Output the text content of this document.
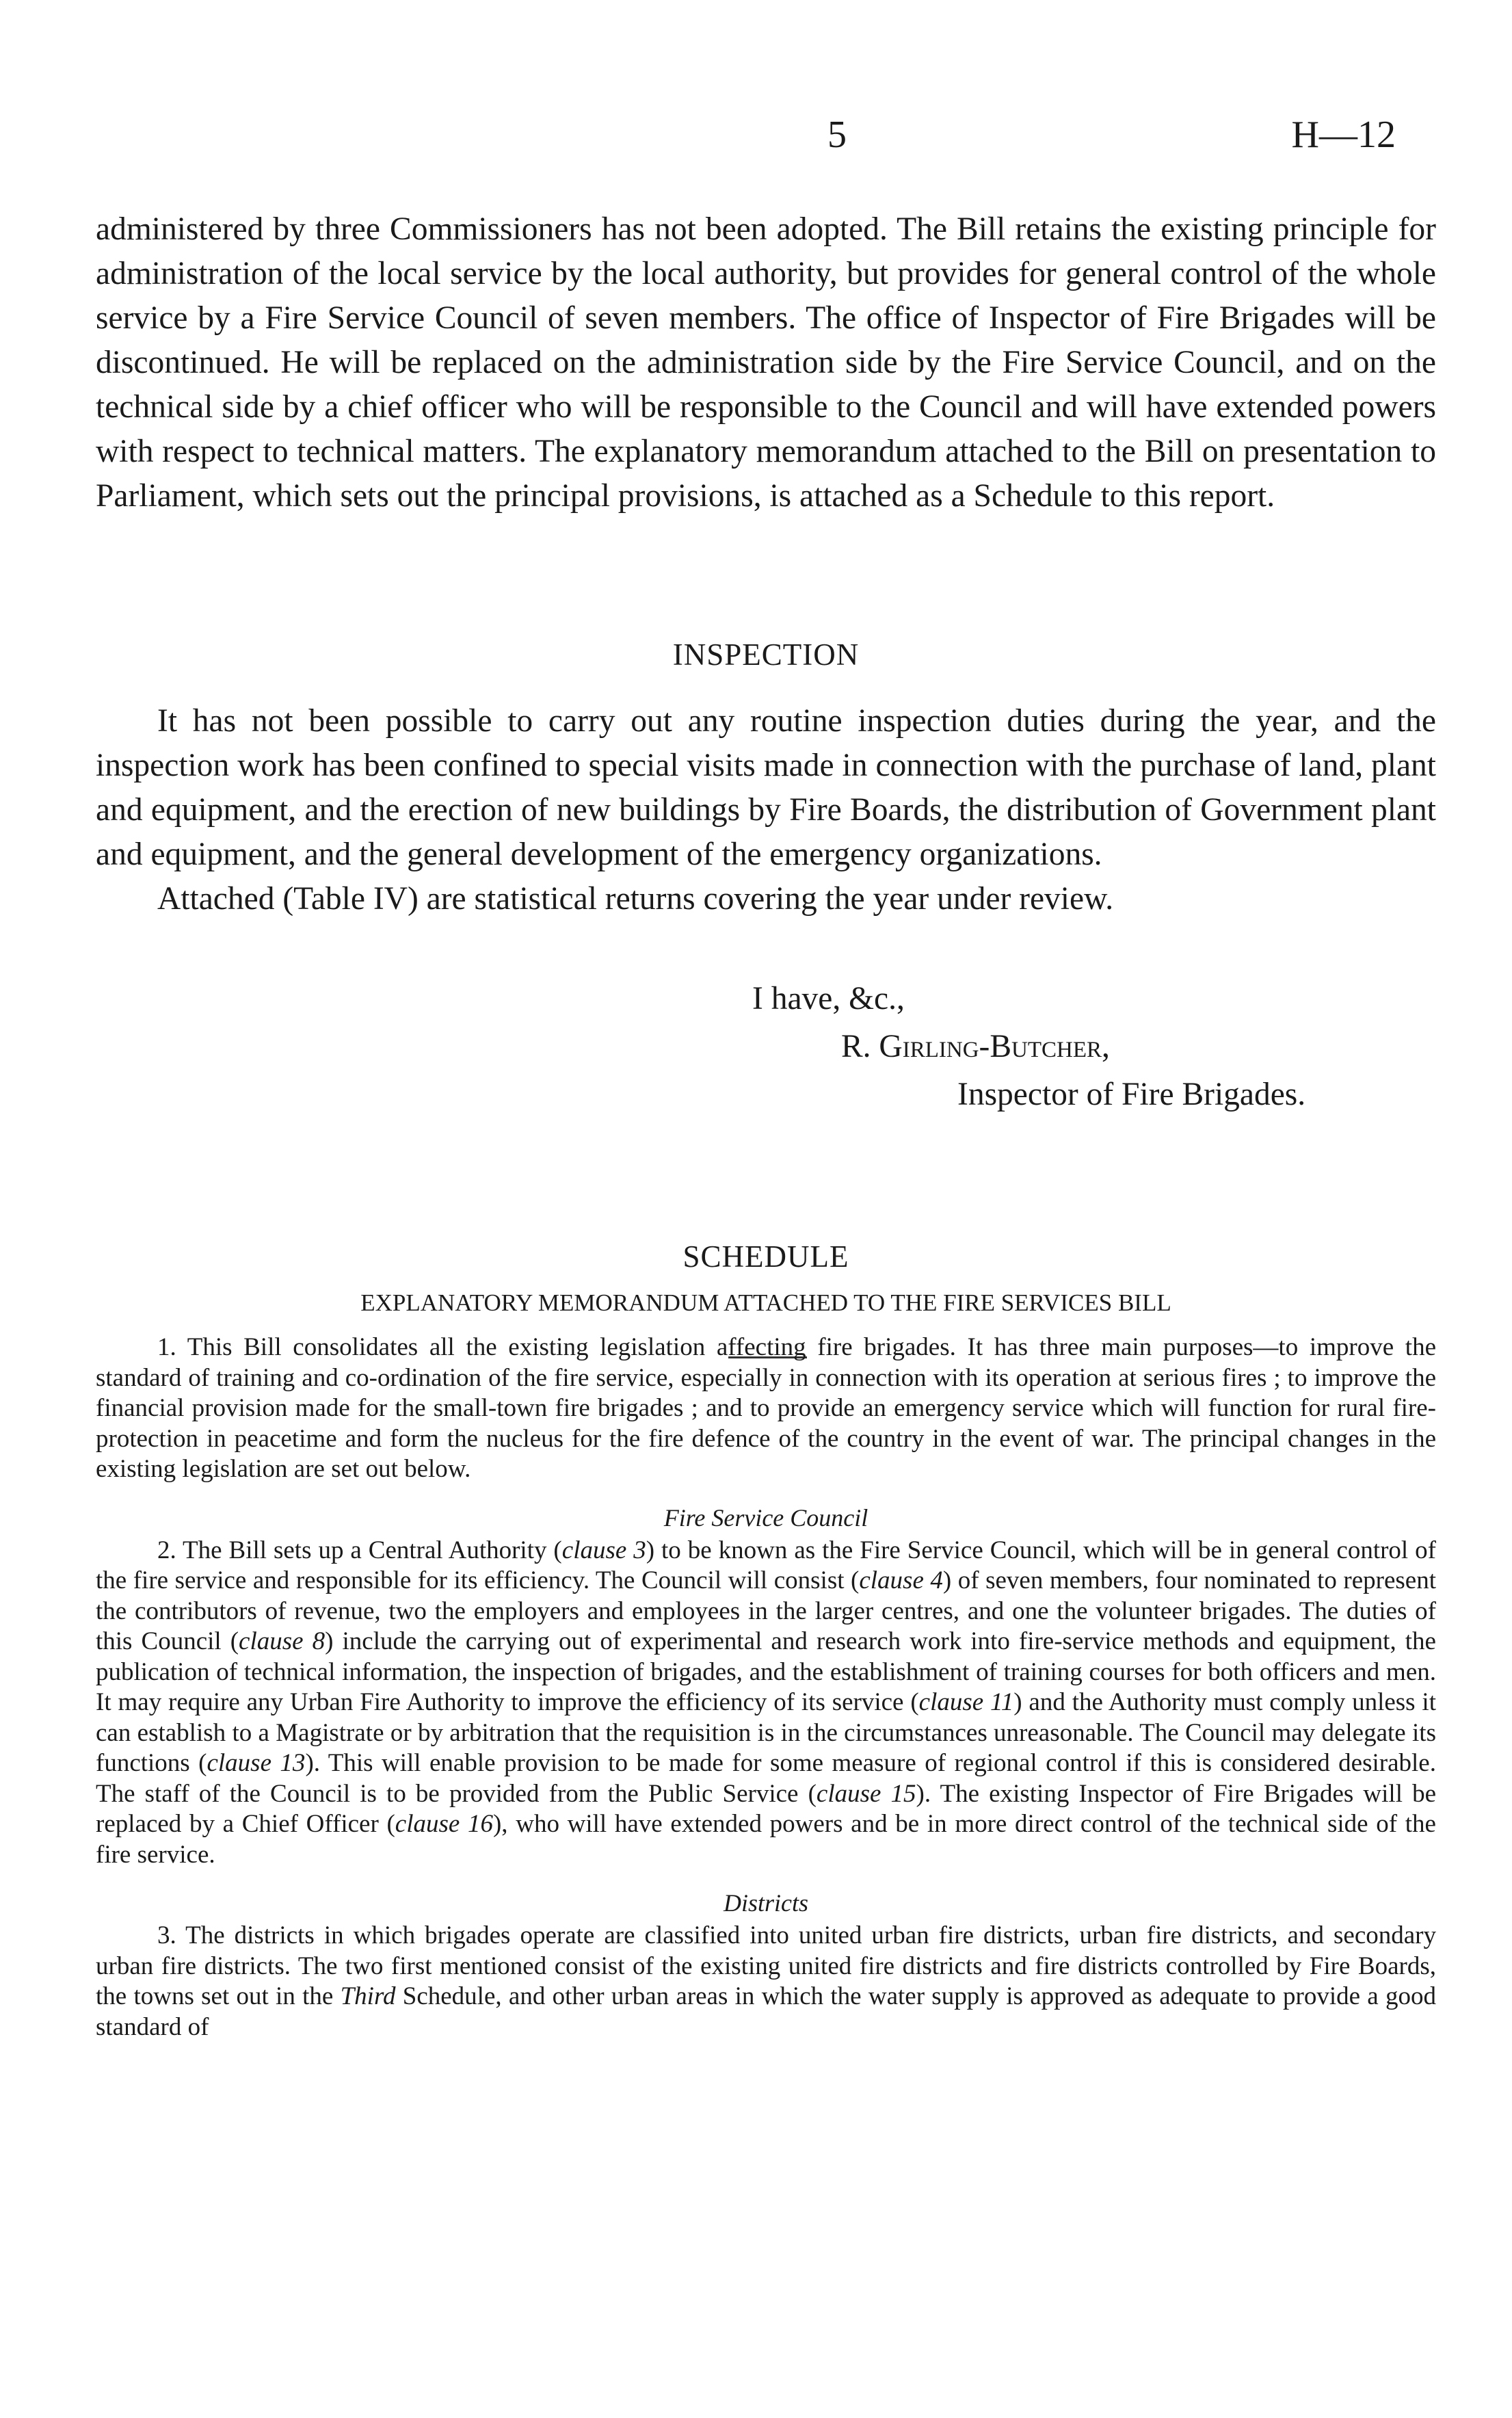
5	H—12

administered by three Commissioners has not been adopted. The Bill retains the existing principle for administration of the local service by the local authority, but provides for general control of the whole service by a Fire Service Council of seven members. The office of Inspector of Fire Brigades will be discontinued. He will be replaced on the administration side by the Fire Service Council, and on the technical side by a chief officer who will be responsible to the Council and will have extended powers with respect to technical matters. The explanatory memorandum attached to the Bill on presentation to Parliament, which sets out the principal provisions, is attached as a Schedule to this report.

INSPECTION

It has not been possible to carry out any routine inspection duties during the year, and the inspection work has been confined to special visits made in connection with the purchase of land, plant and equipment, and the erection of new buildings by Fire Boards, the distribution of Government plant and equipment, and the general development of the emergency organizations.

Attached (Table IV) are statistical returns covering the year under review.

I have, &c.,

R. Girling-Butcher,

Inspector of Fire Brigades.

SCHEDULE

EXPLANATORY MEMORANDUM ATTACHED TO THE FIRE SERVICES BILL

1. This Bill consolidates all the existing legislation affecting fire brigades. It has three main purposes—to improve the standard of training and co-ordination of the fire service, especially in connection with its operation at serious fires ; to improve the financial provision made for the small-town fire brigades ; and to provide an emergency service which will function for rural fire-protection in peacetime and form the nucleus for the fire defence of the country in the event of war. The principal changes in the existing legislation are set out below.

Fire Service Council

2. The Bill sets up a Central Authority (clause 3) to be known as the Fire Service Council, which will be in general control of the fire service and responsible for its efficiency. The Council will consist (clause 4) of seven members, four nominated to represent the contributors of revenue, two the employers and employees in the larger centres, and one the volunteer brigades. The duties of this Council (clause 8) include the carrying out of experimental and research work into fire-service methods and equipment, the publication of technical information, the inspection of brigades, and the establishment of training courses for both officers and men. It may require any Urban Fire Authority to improve the efficiency of its service (clause 11) and the Authority must comply unless it can establish to a Magistrate or by arbitration that the requisition is in the circumstances unreasonable. The Council may delegate its functions (clause 13). This will enable provision to be made for some measure of regional control if this is considered desirable. The staff of the Council is to be provided from the Public Service (clause 15). The existing Inspector of Fire Brigades will be replaced by a Chief Officer (clause 16), who will have extended powers and be in more direct control of the technical side of the fire service.

Districts

3. The districts in which brigades operate are classified into united urban fire districts, urban fire districts, and secondary urban fire districts. The two first mentioned consist of the existing united fire districts and fire districts controlled by Fire Boards, the towns set out in the Third Schedule, and other urban areas in which the water supply is approved as adequate to provide a good standard of
